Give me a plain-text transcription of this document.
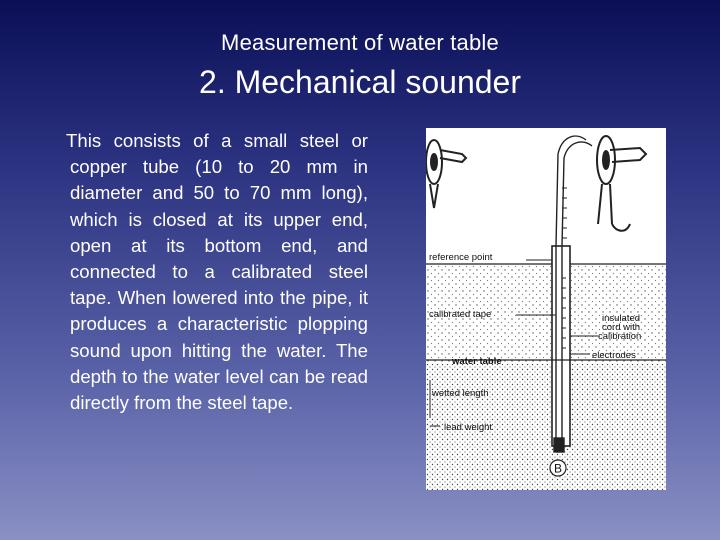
Measurement of water table
2. Mechanical sounder
This consists of a small steel or copper tube (10 to 20 mm in diameter and 50 to 70 mm long), which is closed at its upper end, open at its bottom end, and connected to a calibrated steel tape. When lowered into the pipe, it produces a characteristic plopping sound upon hitting the water. The depth to the water level can be read directly from the steel tape.
B
reference point
calibrated tape
water table
wetted length
lead weight
insulated
cord with
calibration
electrodes
